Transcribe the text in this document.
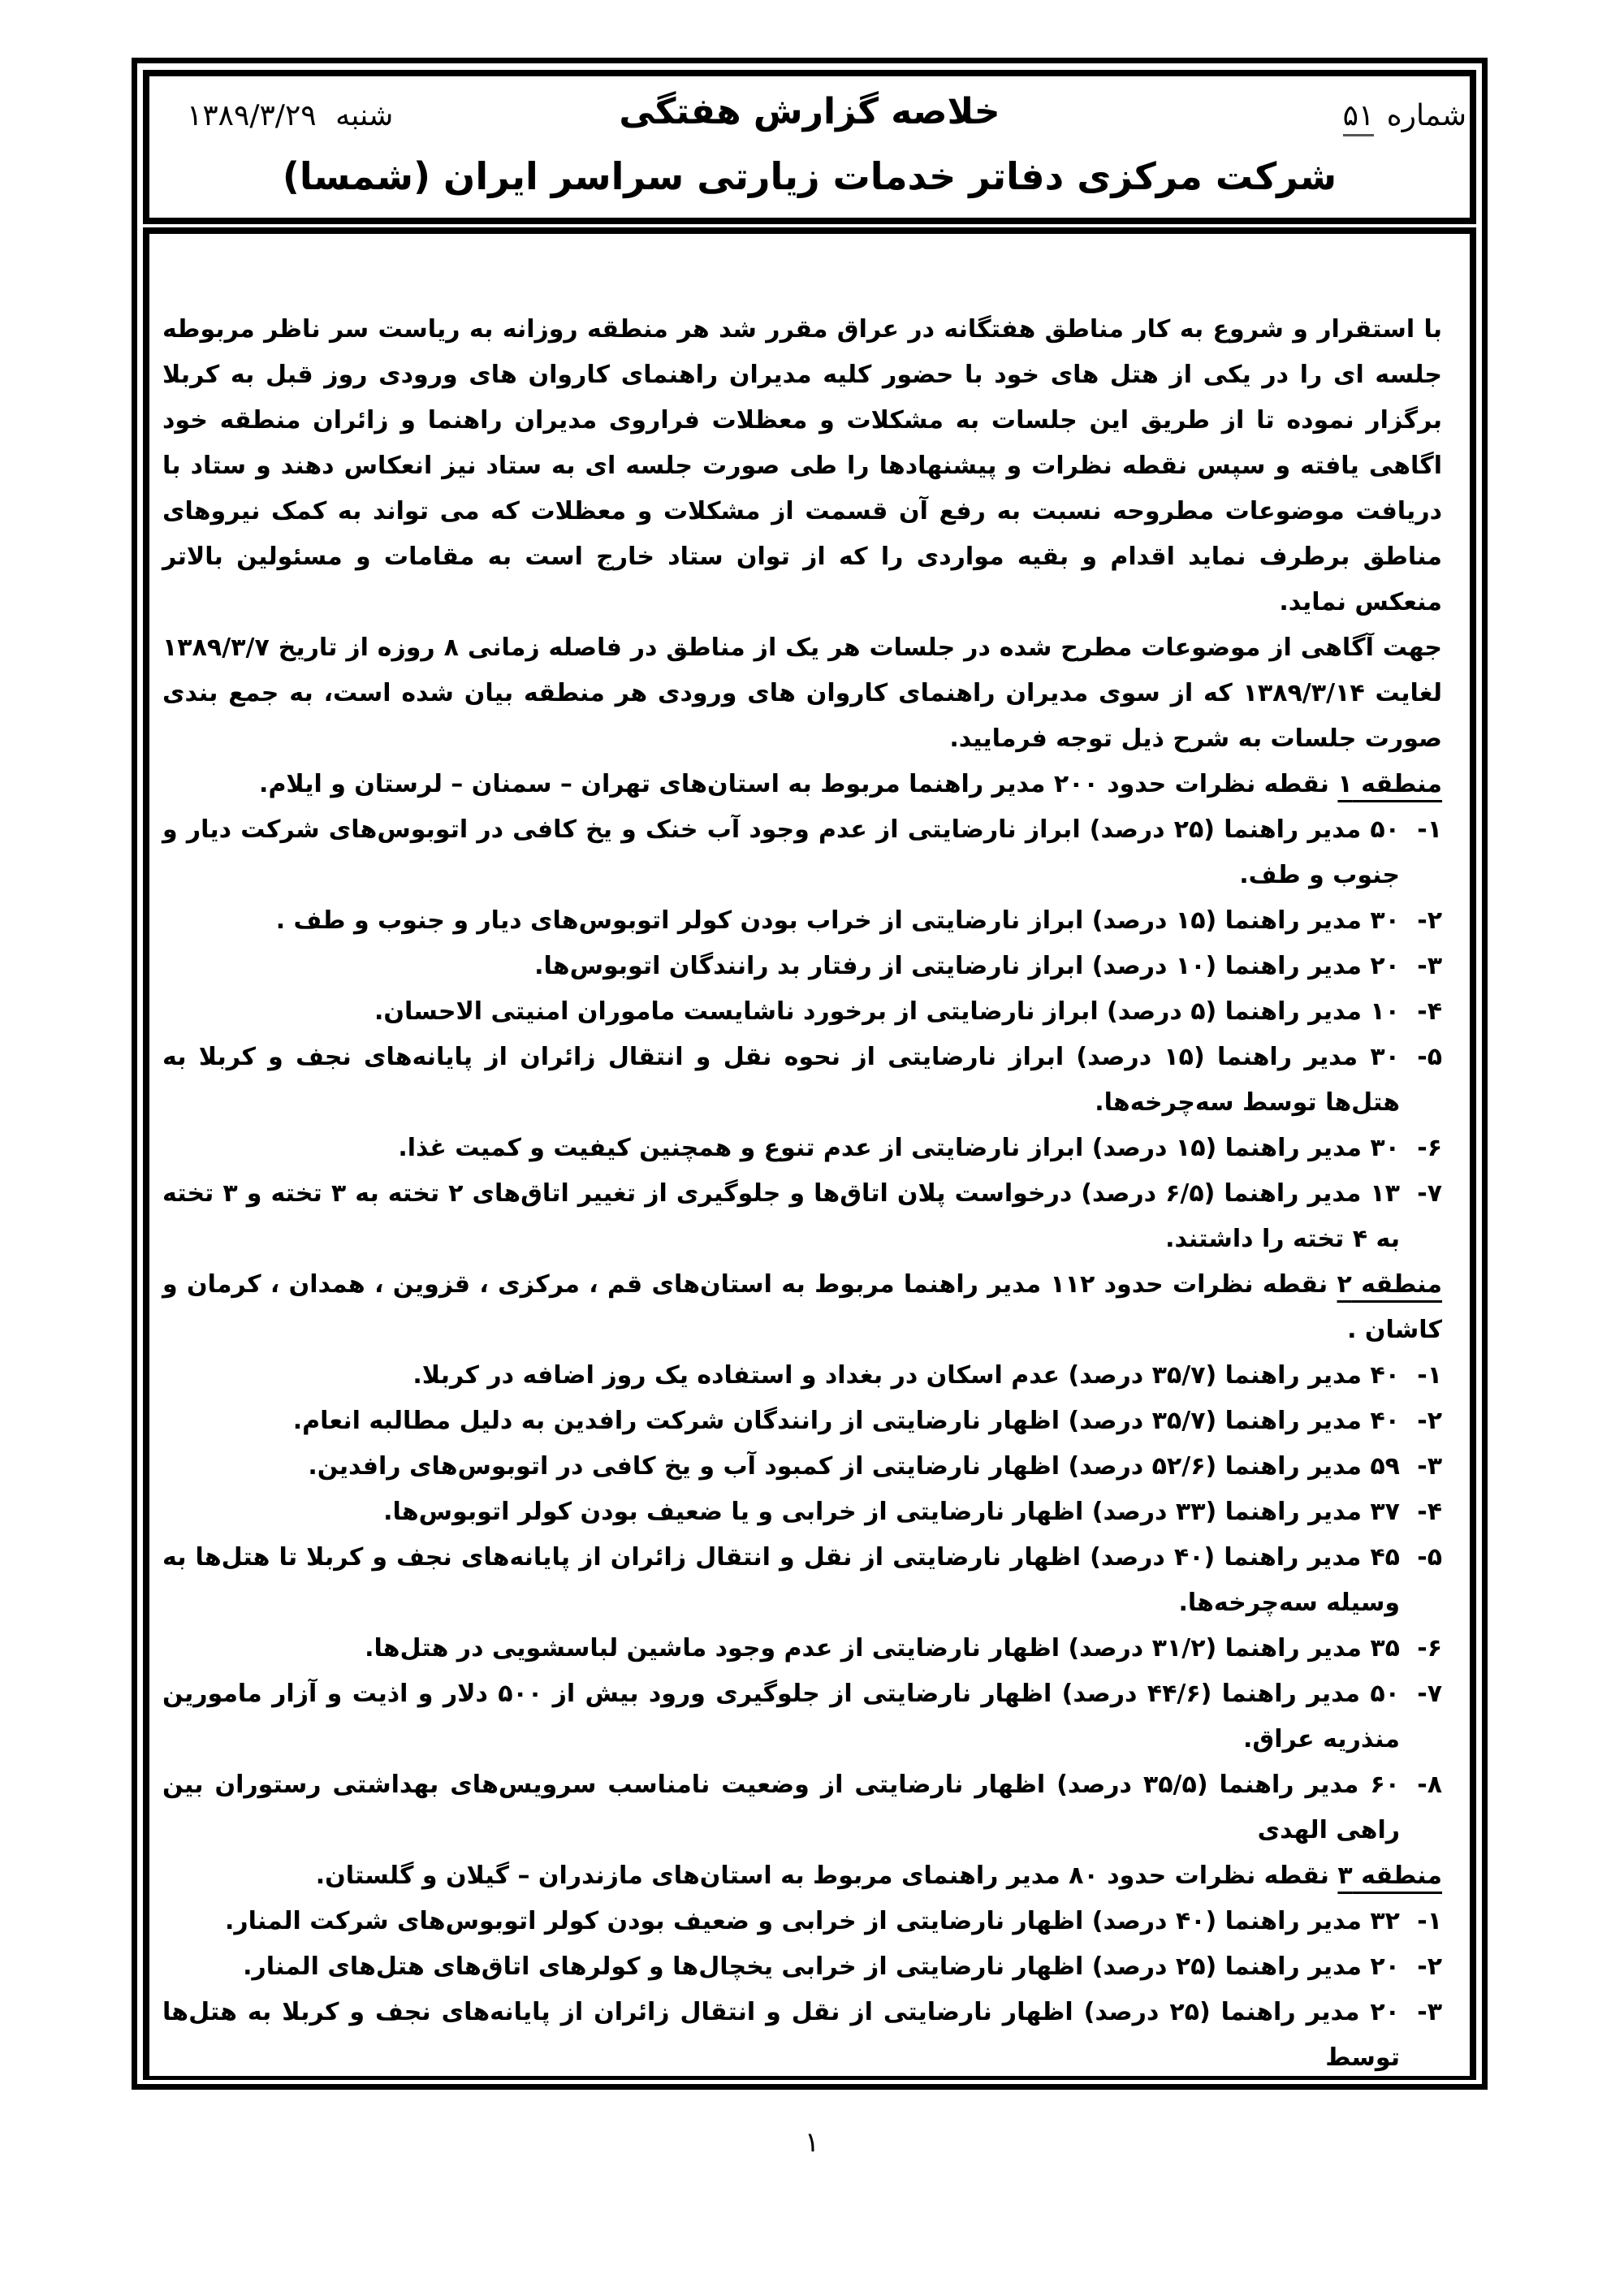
شماره ۵۱
خلاصه گزارش هفتگی
شنبه ۱۳۸۹/۳/۲۹
شرکت مرکزی دفاتر خدمات زیارتی سراسر ایران (شمسا)

با استقرار و شروع به کار مناطق هفتگانه در عراق مقرر شد هر منطقه روزانه به ریاست سر ناظر مربوطه جلسه ای را در یکی از هتل های خود با حضور کلیه مدیران راهنمای کاروان های ورودی روز قبل به کربلا برگزار نموده تا از طریق این جلسات به مشکلات و معظلات فراروی مدیران راهنما و زائران منطقه خود اگاهی یافته و سپس نقطه نظرات و پیشنهادها را طی صورت جلسه ای به ستاد نیز انعکاس دهند و ستاد با دریافت موضوعات مطروحه نسبت به رفع آن قسمت از مشکلات و معظلات که می تواند به کمک نیروهای مناطق برطرف نماید اقدام و بقیه مواردی را که از توان ستاد خارج است به مقامات و مسئولین بالاتر منعکس نماید.

جهت آگاهی از موضوعات مطرح شده در جلسات هر یک از مناطق در فاصله زمانی ۸ روزه از تاریخ ۱۳۸۹/۳/۷ لغایت ۱۳۸۹/۳/۱۴ که از سوی مدیران راهنمای کاروان های ورودی هر منطقه بیان شده است، به جمع بندی صورت جلسات به شرح ذیل توجه فرمایید.

منطقه ۱ نقطه نظرات حدود ۲۰۰ مدیر راهنما مربوط به استان‌های تهران – سمنان – لرستان و ایلام.

۱-
۵۰ مدیر راهنما (۲۵ درصد) ابراز نارضایتی از عدم وجود آب خنک و یخ کافی در اتوبوس‌های شرکت دیار و جنوب و طف.
۲-
۳۰ مدیر راهنما (۱۵ درصد) ابراز نارضایتی از خراب بودن کولر اتوبوس‌های دیار و جنوب و طف .
۳-
۲۰ مدیر راهنما (۱۰ درصد) ابراز نارضایتی از رفتار بد رانندگان اتوبوس‌ها.
۴-
۱۰ مدیر راهنما (۵ درصد) ابراز نارضایتی از برخورد ناشایست ماموران امنیتی الاحسان.
۵-
۳۰ مدیر راهنما (۱۵ درصد) ابراز نارضایتی از نحوه نقل و انتقال زائران از پایانه‌های نجف و کربلا به هتل‌ها توسط سه‌چرخه‌ها.
۶-
۳۰ مدیر راهنما (۱۵ درصد) ابراز نارضایتی از عدم تنوع و همچنین کیفیت و کمیت غذا.
۷-
۱۳ مدیر راهنما (۶/۵ درصد) درخواست پلان اتاق‌ها و جلوگیری از تغییر اتاق‌های ۲ تخته به ۳ تخته و ۳ تخته به ۴ تخته را داشتند.

منطقه ۲ نقطه نظرات حدود ۱۱۲ مدیر راهنما مربوط به استان‌های قم ، مرکزی ، قزوین ، همدان ، کرمان و کاشان .

۱-
۴۰ مدیر راهنما (۳۵/۷ درصد) عدم اسکان در بغداد و استفاده یک روز اضافه در کربلا.
۲-
۴۰ مدیر راهنما (۳۵/۷ درصد) اظهار نارضایتی از رانندگان شرکت رافدین به دلیل مطالبه انعام.
۳-
۵۹ مدیر راهنما (۵۲/۶ درصد) اظهار نارضایتی از کمبود آب و یخ کافی در اتوبوس‌های رافدین.
۴-
۳۷ مدیر راهنما (۳۳ درصد) اظهار نارضایتی از خرابی و یا ضعیف بودن کولر اتوبوس‌ها.
۵-
۴۵ مدیر راهنما (۴۰ درصد) اظهار نارضایتی از نقل و انتقال زائران از پایانه‌های نجف و کربلا تا هتل‌ها به وسیله سه‌چرخه‌ها.
۶-
۳۵ مدیر راهنما (۳۱/۲ درصد) اظهار نارضایتی از عدم وجود ماشین لباسشویی در هتل‌ها.
۷-
۵۰ مدیر راهنما (۴۴/۶ درصد) اظهار نارضایتی از جلوگیری ورود بیش از ۵۰۰ دلار و اذیت و آزار مامورین منذریه عراق.
۸-
۶۰ مدیر راهنما (۳۵/۵ درصد) اظهار نارضایتی از وضعیت نامناسب سرویس‌های بهداشتی رستوران بین راهی الهدی

منطقه ۳ نقطه نظرات حدود ۸۰ مدیر راهنمای مربوط به استان‌های مازندران – گیلان و گلستان.

۱-
۳۲ مدیر راهنما (۴۰ درصد) اظهار نارضایتی از خرابی و ضعیف بودن کولر اتوبوس‌های شرکت المنار.
۲-
۲۰ مدیر راهنما (۲۵ درصد) اظهار نارضایتی از خرابی یخچال‌ها و کولرهای اتاق‌های هتل‌های المنار.
۳-
۲۰ مدیر راهنما (۲۵ درصد) اظهار نارضایتی از نقل و انتقال زائران از پایانه‌های نجف و کربلا به هتل‌ها توسط
۱
